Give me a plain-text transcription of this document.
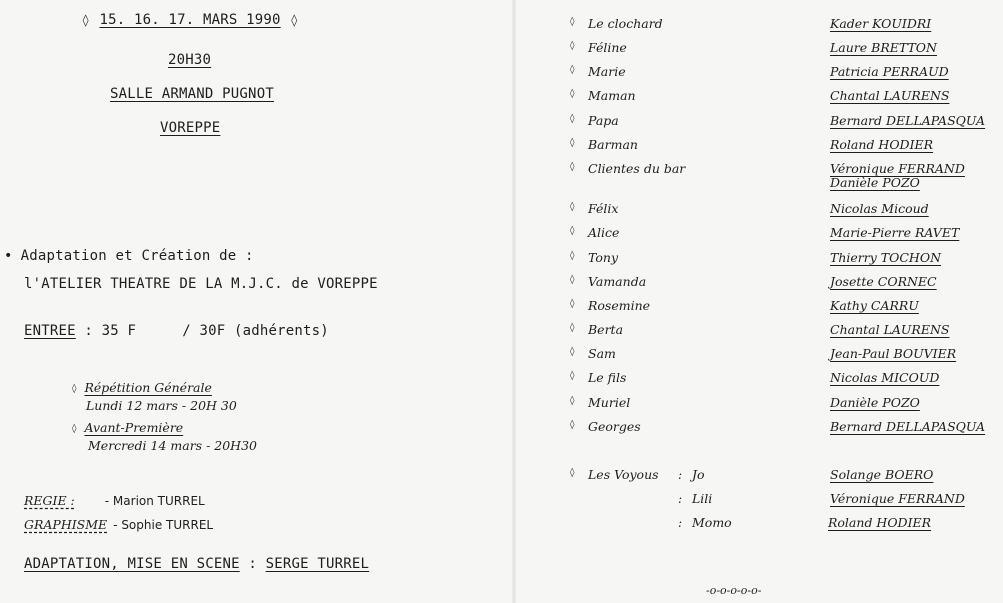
◊ 15. 16. 17. MARS 1990 ◊
20H30
SALLE ARMAND PUGNOT
VOREPPE
• Adaptation et Création de :
l'ATELIER THEATRE DE LA M.J.C. de VOREPPE
ENTREE : 35 F	/ 30F (adhérents)
◊ Répétition Générale
Lundi 12 mars - 20H 30
◊ Avant-Première
Mercredi 14 mars - 20H30
REGIE :	- Marion TURREL
GRAPHISME - Sophie TURREL
ADAPTATION, MISE EN SCENE : SERGE TURREL
◊ Le clochard	Kader KOUIDRI
◊ Féline	Laure BRETTON
◊ Marie	Patricia PERRAUD
◊ Maman	Chantal LAURENS
◊ Papa	Bernard DELLAPASQUA
◊ Barman	Roland HODIER
◊ Clientes du bar	Véronique FERRAND
Danièle POZO
◊ Félix	Nicolas Micoud
◊ Alice	Marie-Pierre RAVET
◊ Tony	Thierry TOCHON
◊ Vamanda	Josette CORNEC
◊ Rosemine	Kathy CARRU
◊ Berta	Chantal LAURENS
◊ Sam	Jean-Paul BOUVIER
◊ Le fils	Nicolas MICOUD
◊ Muriel	Danièle POZO
◊ Georges	Bernard DELLAPASQUA
◊ Les Voyous : Jo	Solange BOERO
: Lili	Véronique FERRAND
: Momo	Roland HODIER
-o-o-o-o-o-
